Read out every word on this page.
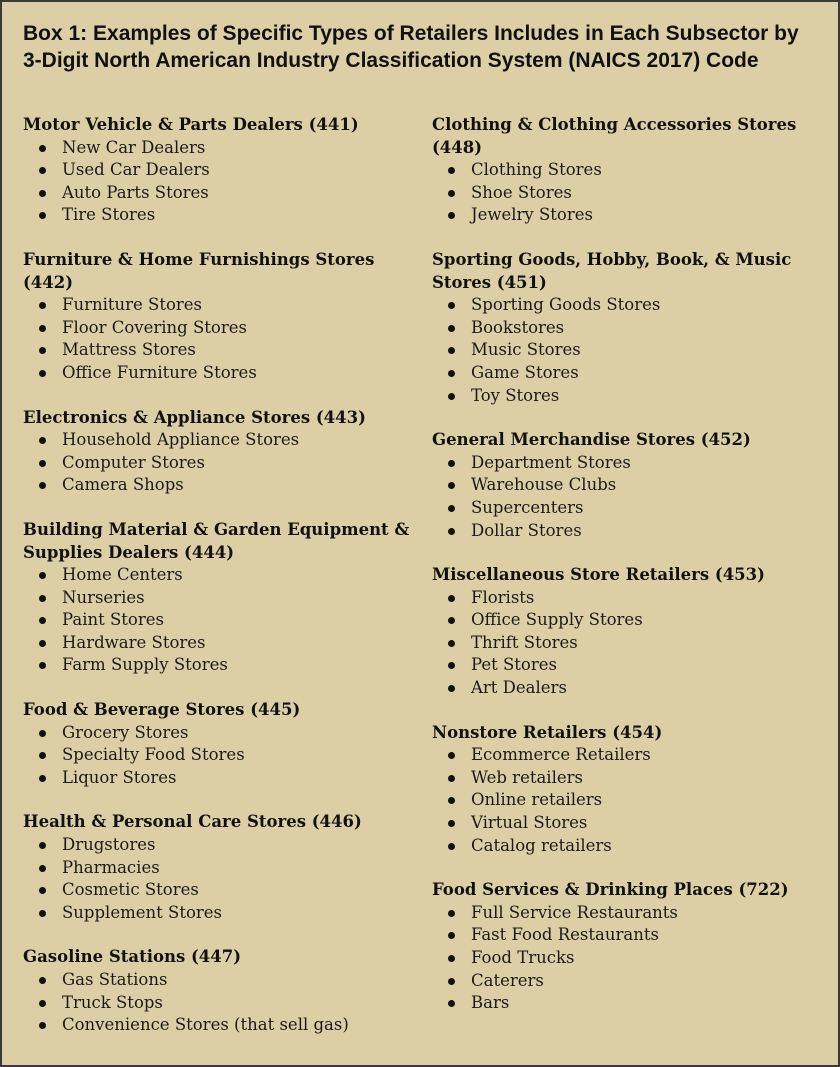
Box 1: Examples of Specific Types of Retailers Includes in Each Subsector by 3-Digit North American Industry Classification System (NAICS 2017) Code
Motor Vehicle & Parts Dealers (441)
New Car Dealers
Used Car Dealers
Auto Parts Stores
Tire Stores
Furniture & Home Furnishings Stores (442)
Furniture Stores
Floor Covering Stores
Mattress Stores
Office Furniture Stores
Electronics & Appliance Stores (443)
Household Appliance Stores
Computer Stores
Camera Shops
Building Material & Garden Equipment & Supplies Dealers (444)
Home Centers
Nurseries
Paint Stores
Hardware Stores
Farm Supply Stores
Food & Beverage Stores (445)
Grocery Stores
Specialty Food Stores
Liquor Stores
Health & Personal Care Stores (446)
Drugstores
Pharmacies
Cosmetic Stores
Supplement Stores
Gasoline Stations (447)
Gas Stations
Truck Stops
Convenience Stores (that sell gas)
Clothing & Clothing Accessories Stores (448)
Clothing Stores
Shoe Stores
Jewelry Stores
Sporting Goods, Hobby, Book, & Music Stores (451)
Sporting Goods Stores
Bookstores
Music Stores
Game Stores
Toy Stores
General Merchandise Stores (452)
Department Stores
Warehouse Clubs
Supercenters
Dollar Stores
Miscellaneous Store Retailers (453)
Florists
Office Supply Stores
Thrift Stores
Pet Stores
Art Dealers
Nonstore Retailers (454)
Ecommerce Retailers
Web retailers
Online retailers
Virtual Stores
Catalog retailers
Food Services & Drinking Places (722)
Full Service Restaurants
Fast Food Restaurants
Food Trucks
Caterers
Bars
